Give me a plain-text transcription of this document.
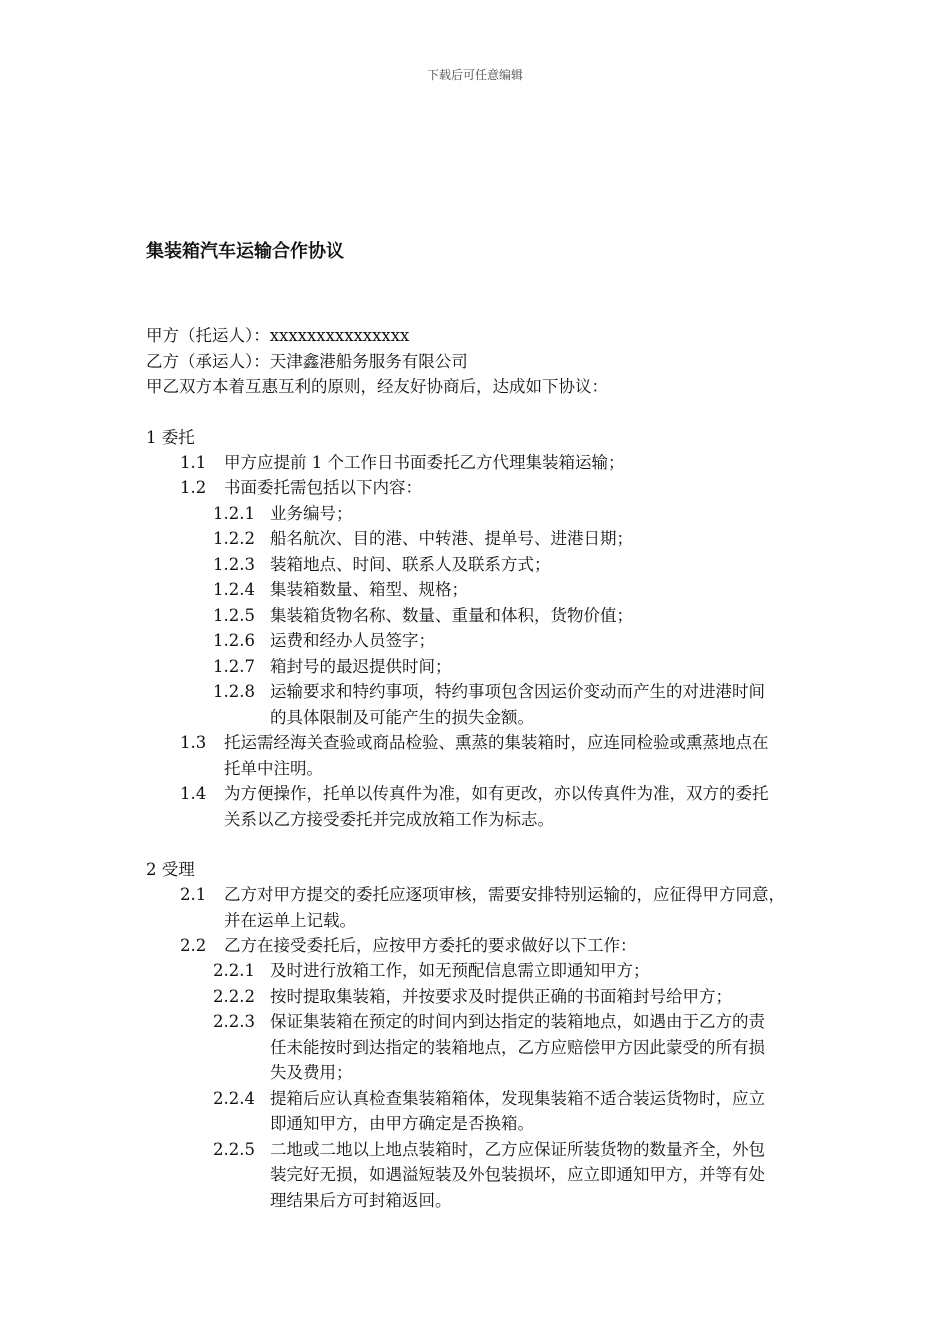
下载后可任意编辑
集装箱汽车运输合作协议
甲方（托运人）：xxxxxxxxxxxxxxx
乙方（承运人）：天津鑫港船务服务有限公司
甲乙双方本着互惠互利的原则，经友好协商后，达成如下协议：
1 委托
1.1 甲方应提前 1 个工作日书面委托乙方代理集装箱运输；
1.2 书面委托需包括以下内容：
1.2.1 业务编号；
1.2.2 船名航次、目的港、中转港、提单号、进港日期；
1.2.3 装箱地点、时间、联系人及联系方式；
1.2.4 集装箱数量、箱型、规格；
1.2.5 集装箱货物名称、数量、重量和体积，货物价值；
1.2.6 运费和经办人员签字；
1.2.7 箱封号的最迟提供时间；
1.2.8 运输要求和特约事项，特约事项包含因运价变动而产生的对进港时间
的具体限制及可能产生的损失金额。
1.3 托运需经海关查验或商品检验、熏蒸的集装箱时，应连同检验或熏蒸地点在
托单中注明。
1.4 为方便操作，托单以传真件为准，如有更改，亦以传真件为准，双方的委托
关系以乙方接受委托并完成放箱工作为标志。
2 受理
2.1 乙方对甲方提交的委托应逐项审核，需要安排特别运输的，应征得甲方同意，
并在运单上记载。
2.2 乙方在接受委托后，应按甲方委托的要求做好以下工作：
2.2.1 及时进行放箱工作，如无预配信息需立即通知甲方；
2.2.2 按时提取集装箱，并按要求及时提供正确的书面箱封号给甲方；
2.2.3 保证集装箱在预定的时间内到达指定的装箱地点，如遇由于乙方的责
任未能按时到达指定的装箱地点，乙方应赔偿甲方因此蒙受的所有损
失及费用；
2.2.4 提箱后应认真检查集装箱箱体，发现集装箱不适合装运货物时，应立
即通知甲方，由甲方确定是否换箱。
2.2.5 二地或二地以上地点装箱时，乙方应保证所装货物的数量齐全，外包
装完好无损，如遇溢短装及外包装损坏，应立即通知甲方，并等有处
理结果后方可封箱返回。
